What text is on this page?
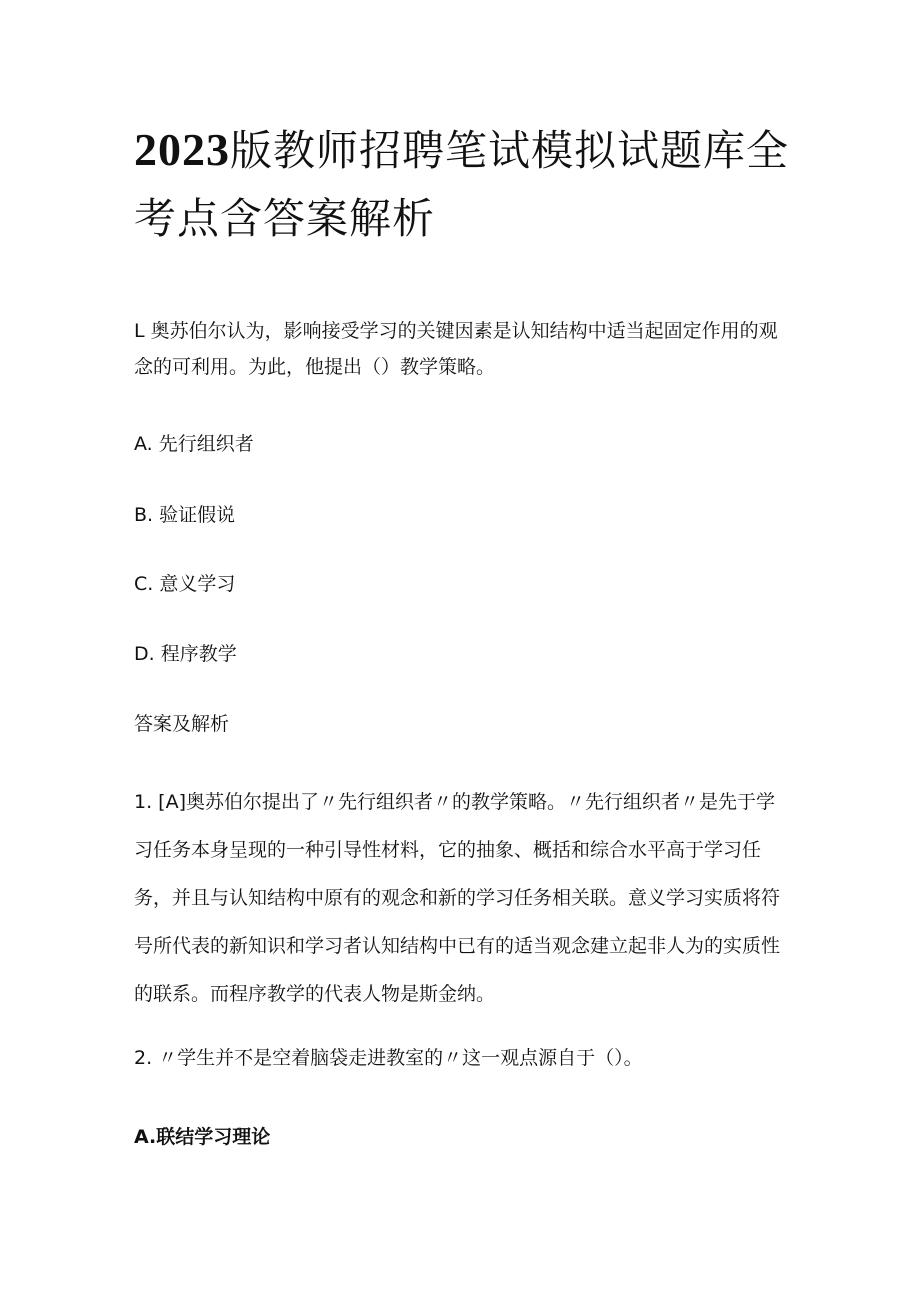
2023版教师招聘笔试模拟试题库全考点含答案解析

L 奥苏伯尔认为，影响接受学习的关键因素是认知结构中适当起固定作用的观念的可利用。为此，他提出（）教学策略。

A. 先行组织者

B. 验证假说

C. 意义学习

D. 程序教学

答案及解析

1. [A]奥苏伯尔提出了〃先行组织者〃的教学策略。〃先行组织者〃是先于学习任务本身呈现的一种引导性材料，它的抽象、概括和综合水平高于学习任务，并且与认知结构中原有的观念和新的学习任务相关联。意义学习实质将符号所代表的新知识和学习者认知结构中已有的适当观念建立起非人为的实质性的联系。而程序教学的代表人物是斯金纳。

2. 〃学生并不是空着脑袋走进教室的〃这一观点源自于（）。

A.联结学习理论
